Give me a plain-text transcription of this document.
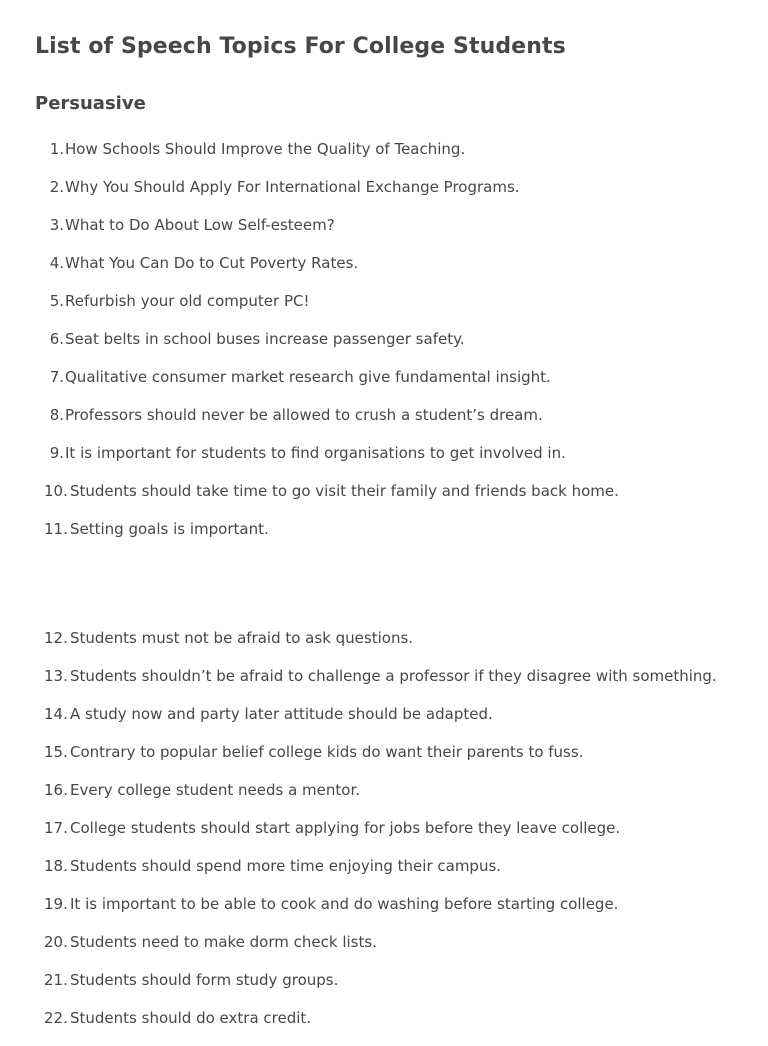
List of Speech Topics For College Students
Persuasive
1. How Schools Should Improve the Quality of Teaching.
2. Why You Should Apply For International Exchange Programs.
3. What to Do About Low Self-esteem?
4. What You Can Do to Cut Poverty Rates.
5. Refurbish your old computer PC!
6. Seat belts in school buses increase passenger safety.
7. Qualitative consumer market research give fundamental insight.
8. Professors should never be allowed to crush a student’s dream.
9. It is important for students to find organisations to get involved in.
10. Students should take time to go visit their family and friends back home.
11. Setting goals is important.
12. Students must not be afraid to ask questions.
13. Students shouldn’t be afraid to challenge a professor if they disagree with something.
14. A study now and party later attitude should be adapted.
15. Contrary to popular belief college kids do want their parents to fuss.
16. Every college student needs a mentor.
17. College students should start applying for jobs before they leave college.
18. Students should spend more time enjoying their campus.
19. It is important to be able to cook and do washing before starting college.
20. Students need to make dorm check lists.
21. Students should form study groups.
22. Students should do extra credit.
